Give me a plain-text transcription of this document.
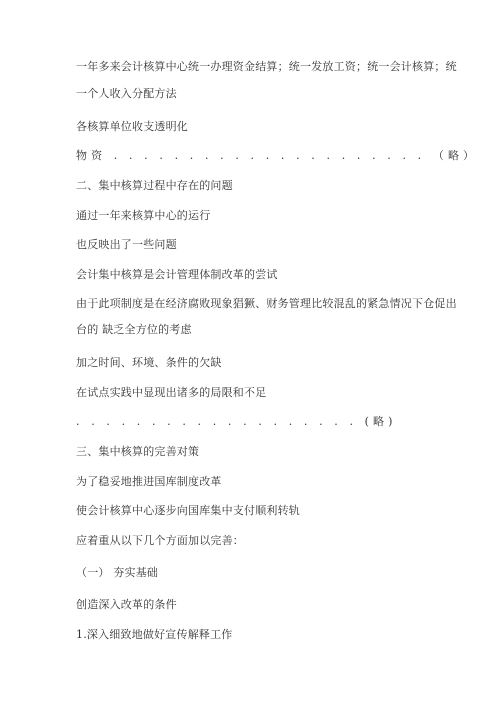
一年多来会计核算中心统一办理资金结算；统一发放工资；统一会计核算；统
一个人收入分配方法
各核算单位收支透明化
物资 . . . . . . . . . . . . . . . . . . . . . （略）
二、集中核算过程中存在的问题
通过一年来核算中心的运行
也反映出了一些问题
会计集中核算是会计管理体制改革的尝试
由于此项制度是在经济腐败现象猖獗、财务管理比较混乱的紧急情况下仓促出
台的 缺乏全方位的考虑
加之时间、环境、条件的欠缺
在试点实践中显现出诸多的局限和不足
. . . . . . . . . . . . . . . . . . . (略)
三、集中核算的完善对策
为了稳妥地推进国库制度改革
使会计核算中心逐步向国库集中支付顺利转轨
应着重从以下几个方面加以完善：
（一） 夯实基础
创造深入改革的条件
1.深入细致地做好宣传解释工作
